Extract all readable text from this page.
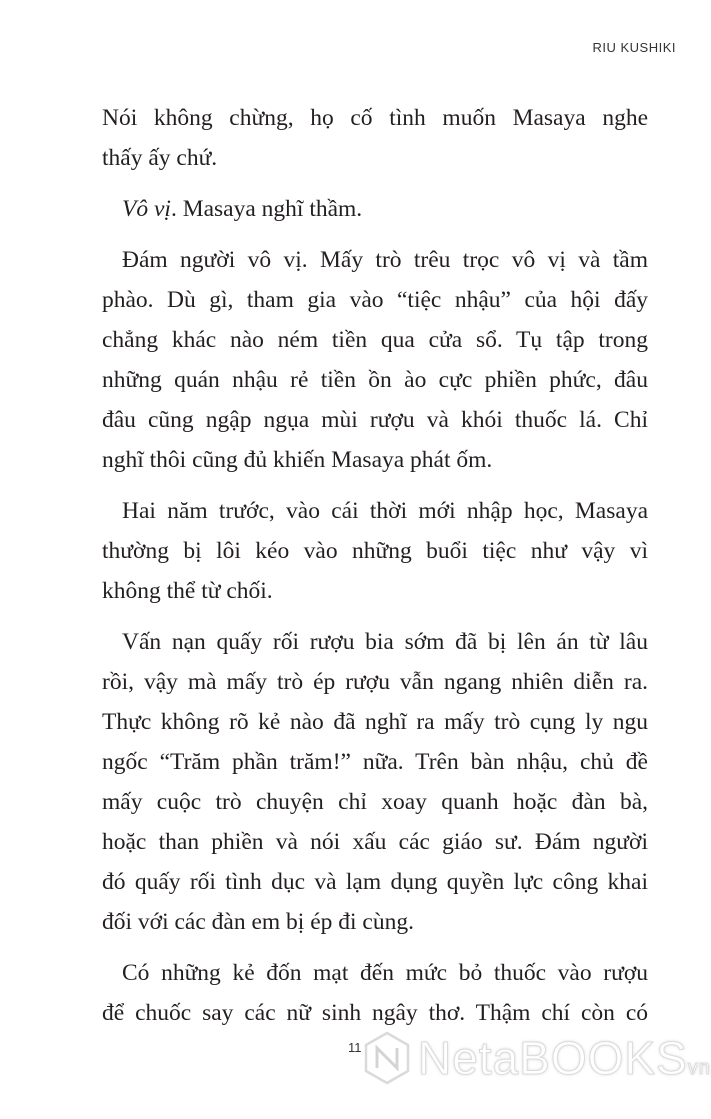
RIU KUSHIKI
Nói không chừng, họ cố tình muốn Masaya nghe
thấy ấy chứ.
Vô vị. Masaya nghĩ thầm.
Đám người vô vị. Mấy trò trêu trọc vô vị và tầm
phào. Dù gì, tham gia vào “tiệc nhậu” của hội đấy
chẳng khác nào ném tiền qua cửa sổ. Tụ tập trong
những quán nhậu rẻ tiền ồn ào cực phiền phức, đâu
đâu cũng ngập ngụa mùi rượu và khói thuốc lá. Chỉ
nghĩ thôi cũng đủ khiến Masaya phát ốm.
Hai năm trước, vào cái thời mới nhập học, Masaya
thường bị lôi kéo vào những buổi tiệc như vậy vì
không thể từ chối.
Vấn nạn quấy rối rượu bia sớm đã bị lên án từ lâu
rồi, vậy mà mấy trò ép rượu vẫn ngang nhiên diễn ra.
Thực không rõ kẻ nào đã nghĩ ra mấy trò cụng ly ngu
ngốc “Trăm phần trăm!” nữa. Trên bàn nhậu, chủ đề
mấy cuộc trò chuyện chỉ xoay quanh hoặc đàn bà,
hoặc than phiền và nói xấu các giáo sư. Đám người
đó quấy rối tình dục và lạm dụng quyền lực công khai
đối với các đàn em bị ép đi cùng.
Có những kẻ đốn mạt đến mức bỏ thuốc vào rượu
để chuốc say các nữ sinh ngây thơ. Thậm chí còn có
11 NetaBOOKSvn
